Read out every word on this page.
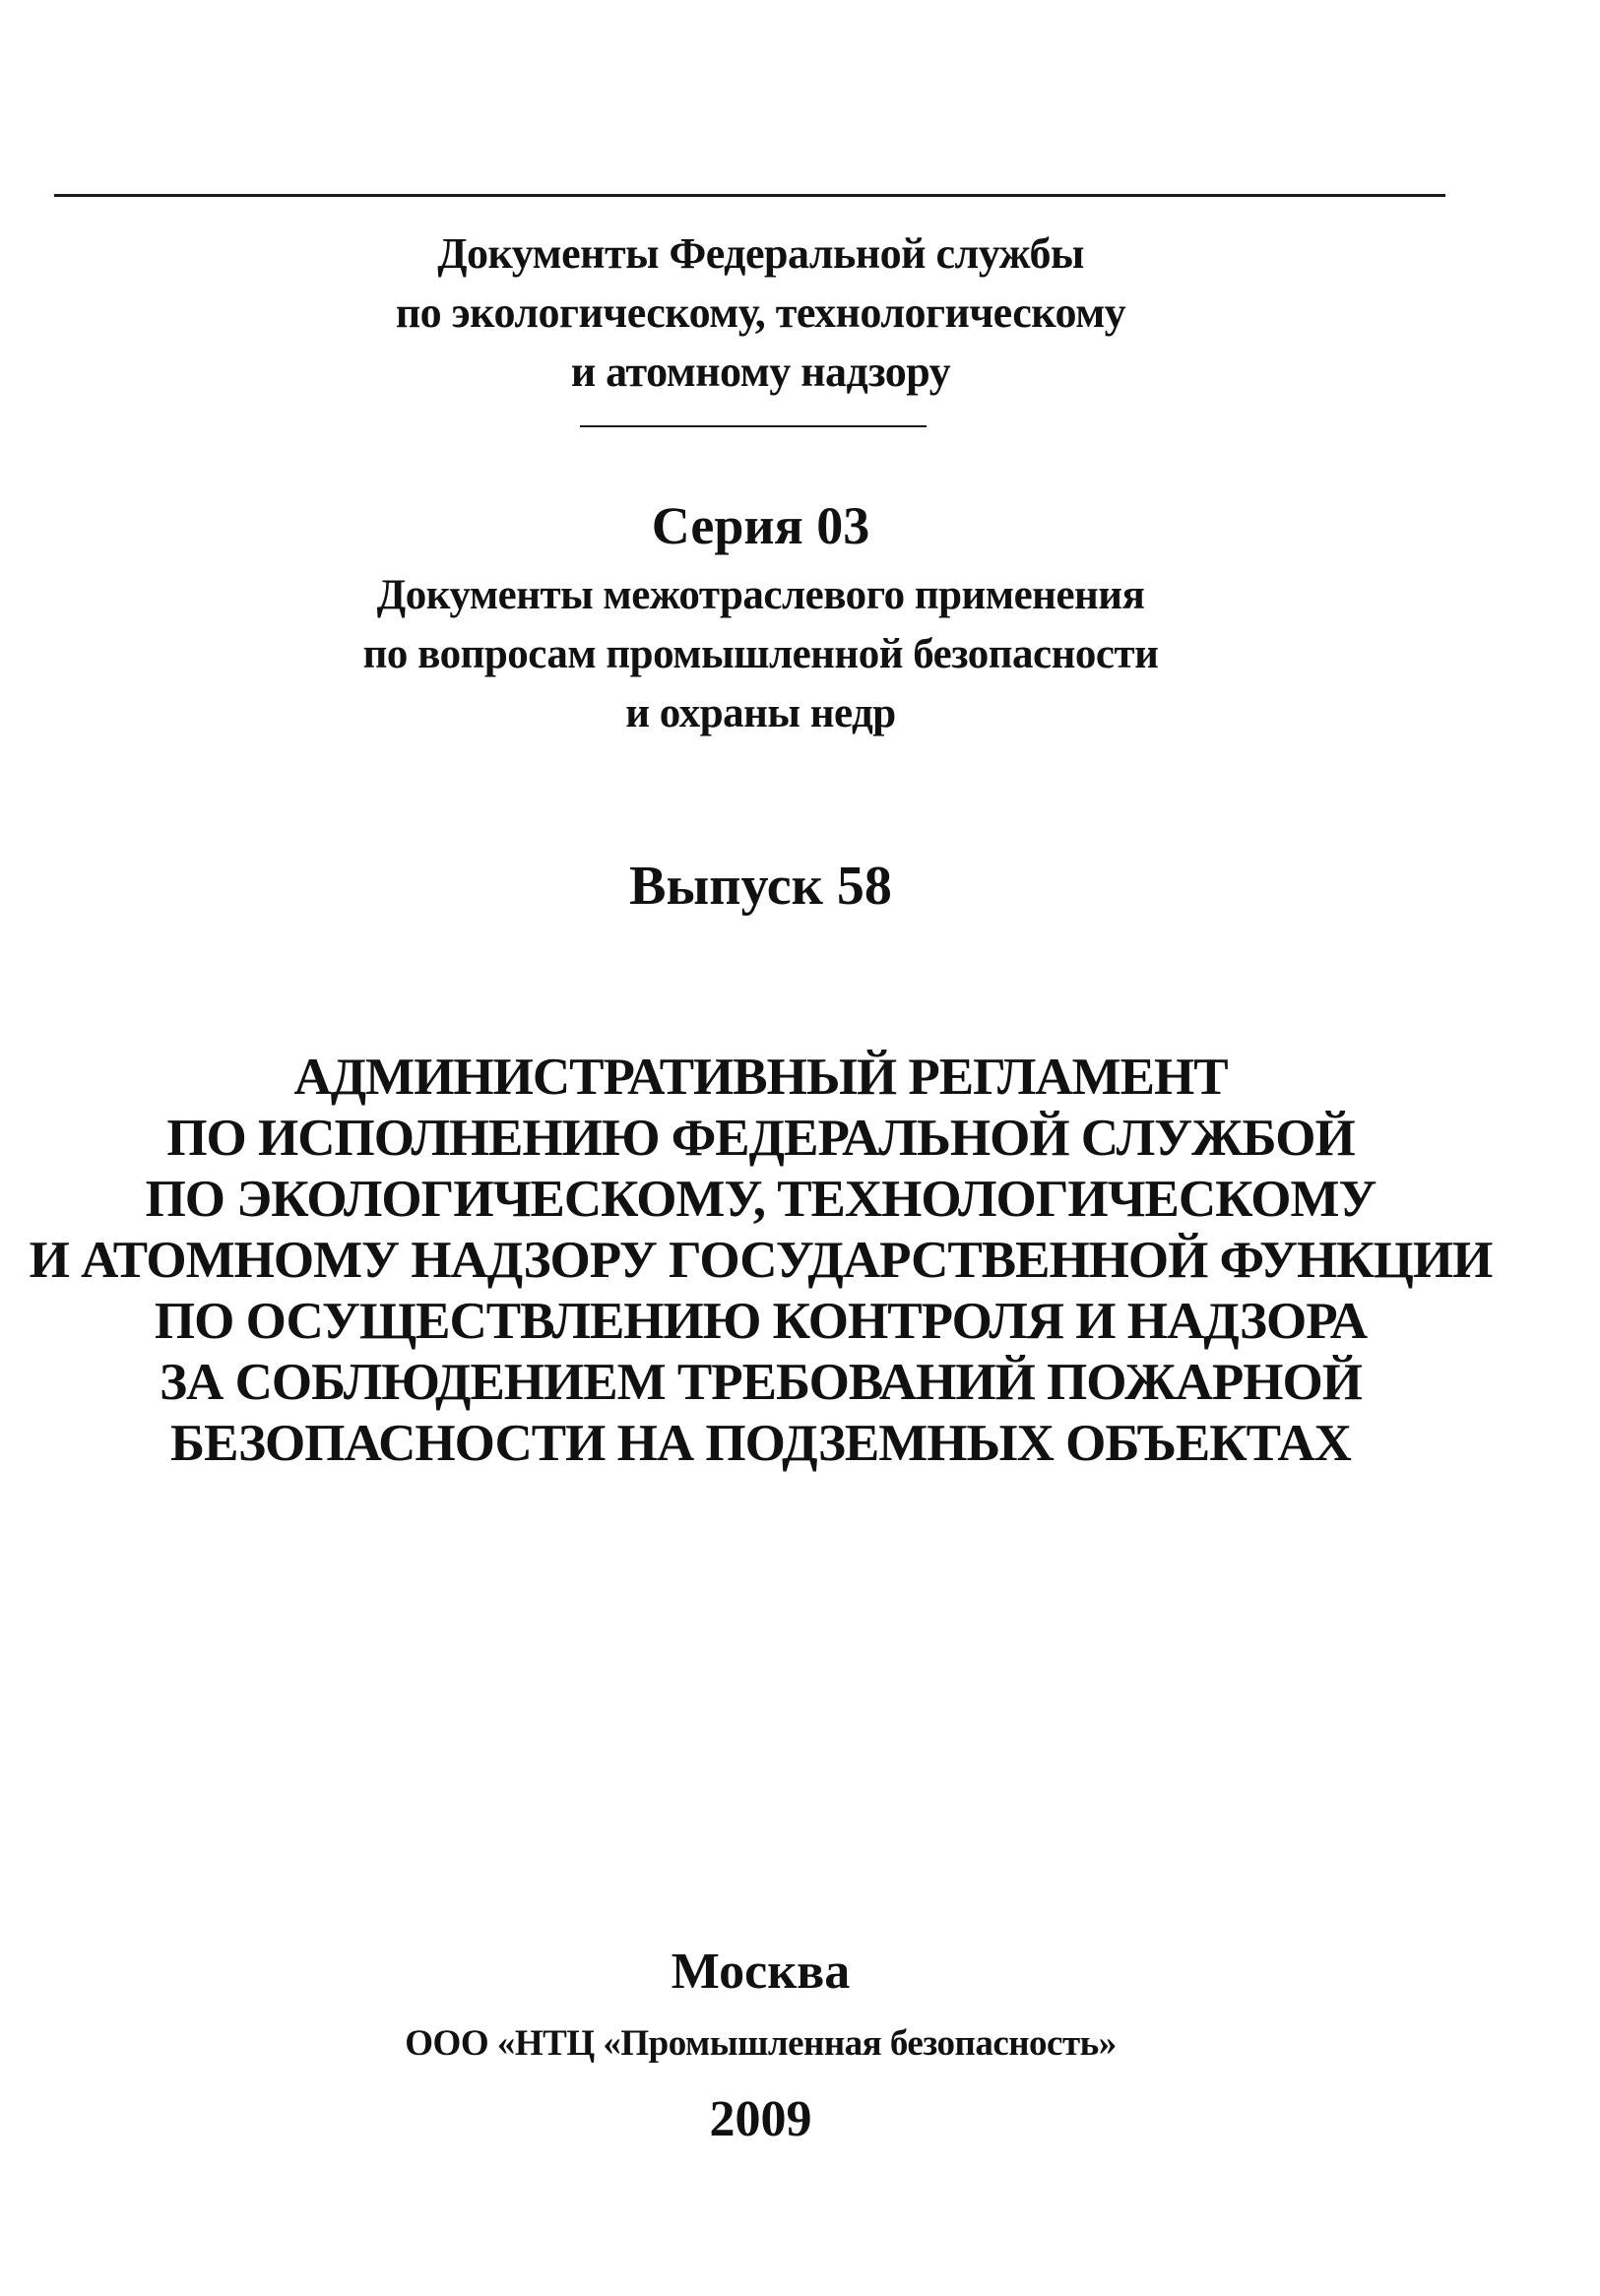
Документы Федеральной службы
по экологическому, технологическому
и атомному надзору
Серия 03
Документы межотраслевого применения
по вопросам промышленной безопасности
и охраны недр
Выпуск 58
АДМИНИСТРАТИВНЫЙ РЕГЛАМЕНТ
ПО ИСПОЛНЕНИЮ ФЕДЕРАЛЬНОЙ СЛУЖБОЙ
ПО ЭКОЛОГИЧЕСКОМУ, ТЕХНОЛОГИЧЕСКОМУ
И АТОМНОМУ НАДЗОРУ ГОСУДАРСТВЕННОЙ ФУНКЦИИ
ПО ОСУЩЕСТВЛЕНИЮ КОНТРОЛЯ И НАДЗОРА
ЗА СОБЛЮДЕНИЕМ ТРЕБОВАНИЙ ПОЖАРНОЙ
БЕЗОПАСНОСТИ НА ПОДЗЕМНЫХ ОБЪЕКТАХ
Москва
ООО «НТЦ «Промышленная безопасность»
2009
